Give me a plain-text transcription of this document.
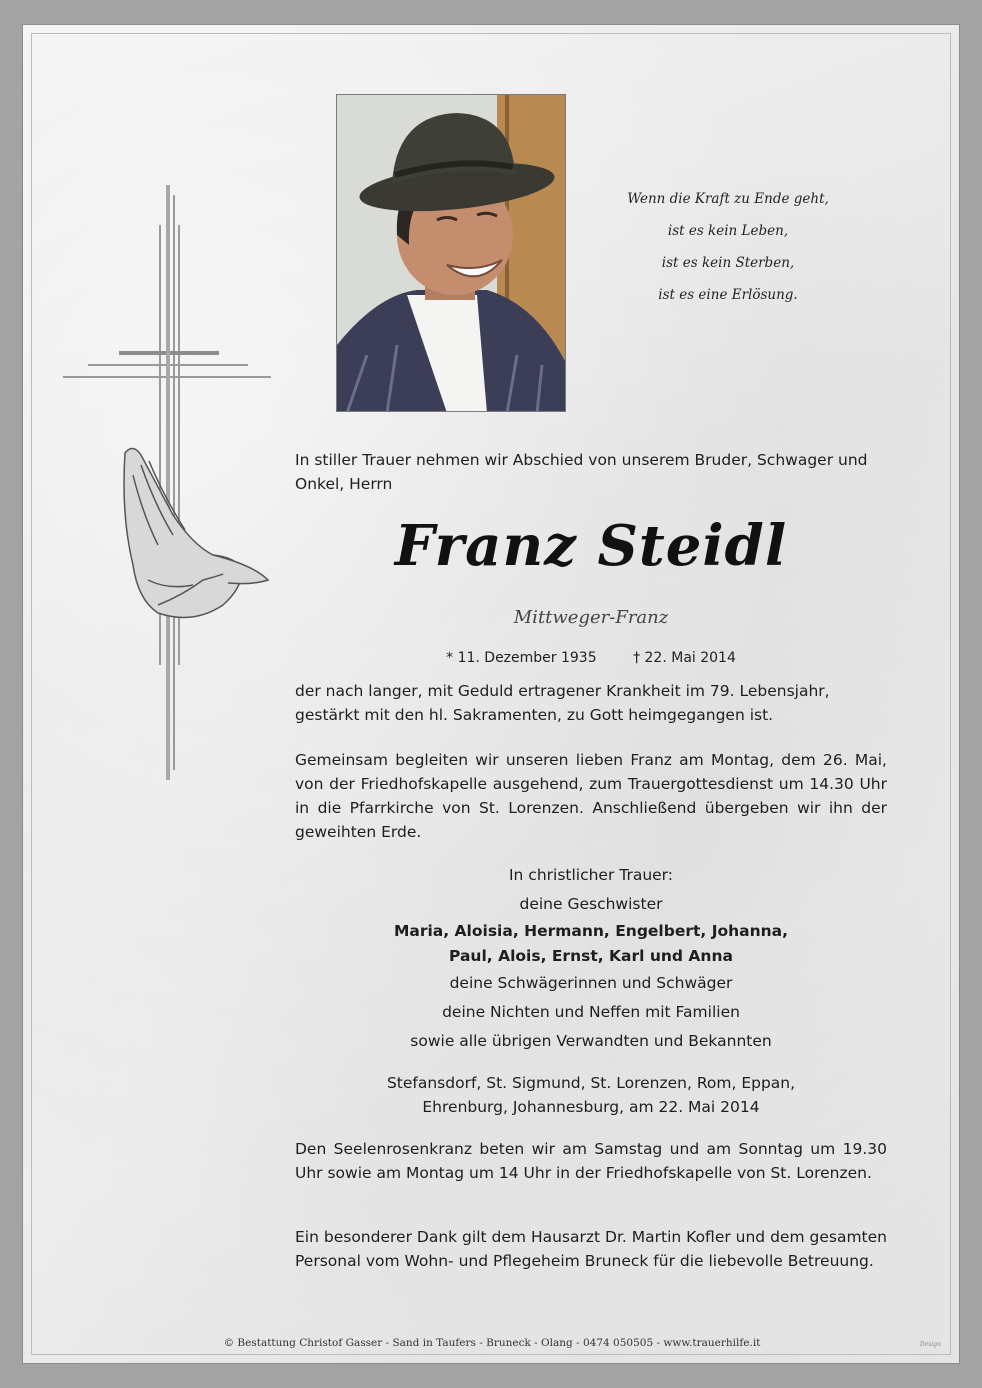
Wenn die Kraft zu Ende geht,
ist es kein Leben,
ist es kein Sterben,
ist es eine Erlösung.
In stiller Trauer nehmen wir Abschied von unserem Bruder, Schwager und Onkel, Herrn
Franz Steidl
Mittweger-Franz
* 11. Dezember 1935	† 22. Mai 2014
der nach langer, mit Geduld ertragener Krankheit im 79. Lebensjahr, gestärkt mit den hl. Sakramenten, zu Gott heimgegangen ist.
Gemeinsam begleiten wir unseren lieben Franz am Montag, dem 26. Mai, von der Friedhofskapelle ausgehend, zum Trauergottesdienst um 14.30 Uhr in die Pfarrkirche von St. Lorenzen. Anschließend übergeben wir ihn der geweihten Erde.
In christlicher Trauer:
deine Geschwister
Maria, Aloisia, Hermann, Engelbert, Johanna,
Paul, Alois, Ernst, Karl und Anna
deine Schwägerinnen und Schwäger
deine Nichten und Neffen mit Familien
sowie alle übrigen Verwandten und Bekannten
Stefansdorf, St. Sigmund, St. Lorenzen, Rom, Eppan,
Ehrenburg, Johannesburg, am 22. Mai 2014
Den Seelenrosenkranz beten wir am Samstag und am Sonntag um 19.30 Uhr sowie am Montag um 14 Uhr in der Friedhofskapelle von St. Lorenzen.
Ein besonderer Dank gilt dem Hausarzt Dr. Martin Kofler und dem gesamten Personal vom Wohn- und Pflegeheim Bruneck für die liebevolle Betreuung.
© Bestattung Christof Gasser - Sand in Taufers - Bruneck - Olang - 0474 050505 - www.trauerhilfe.it	Design
